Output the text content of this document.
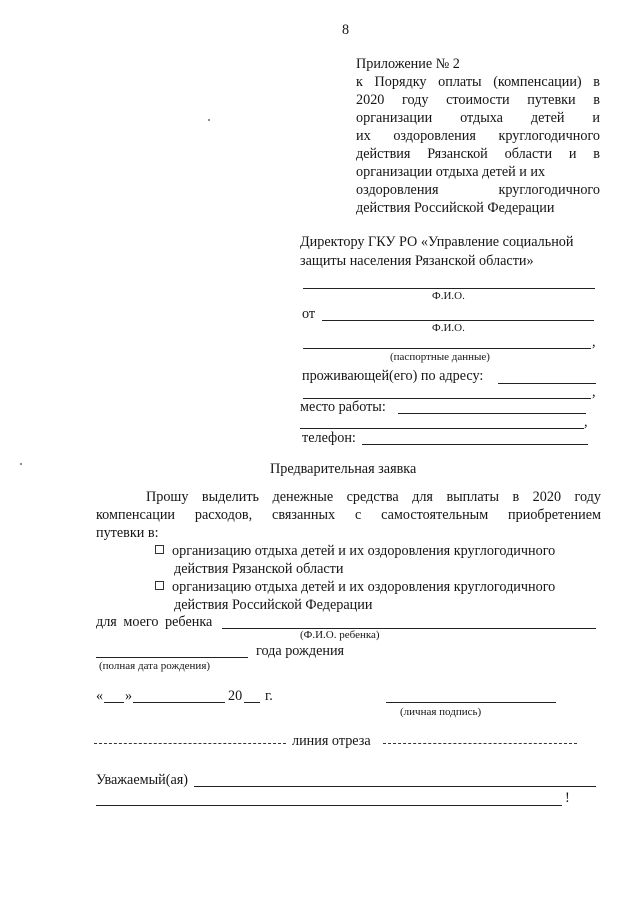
8
Приложение № 2
к Порядку оплаты (компенсации) в
2020 году стоимости путевки в
организации отдыха детей и
их оздоровления круглогодичного
действия Рязанской области и в
организации отдыха детей и их
оздоровления круглогодичного
действия Российской Федерации
Директору ГКУ РО «Управление социальной
защиты населения Рязанской области»
Ф.И.О.
от
Ф.И.О.
,
(паспортные данные)
проживающей(его) по адресу:
,
место работы:
,
телефон:
Предварительная заявка
Прошу выделить денежные средства для выплаты в 2020 году
компенсации расходов, связанных с самостоятельным приобретением
путевки в:
организацию отдыха детей и их оздоровления круглогодичного
действия Рязанской области
организацию отдыха детей и их оздоровления круглогодичного
действия Российской Федерации
для моего ребенка
(Ф.И.О. ребенка)
года рождения
(полная дата рождения)
« »	20 г.
(личная подпись)
линия отреза
Уважаемый(ая)
!
